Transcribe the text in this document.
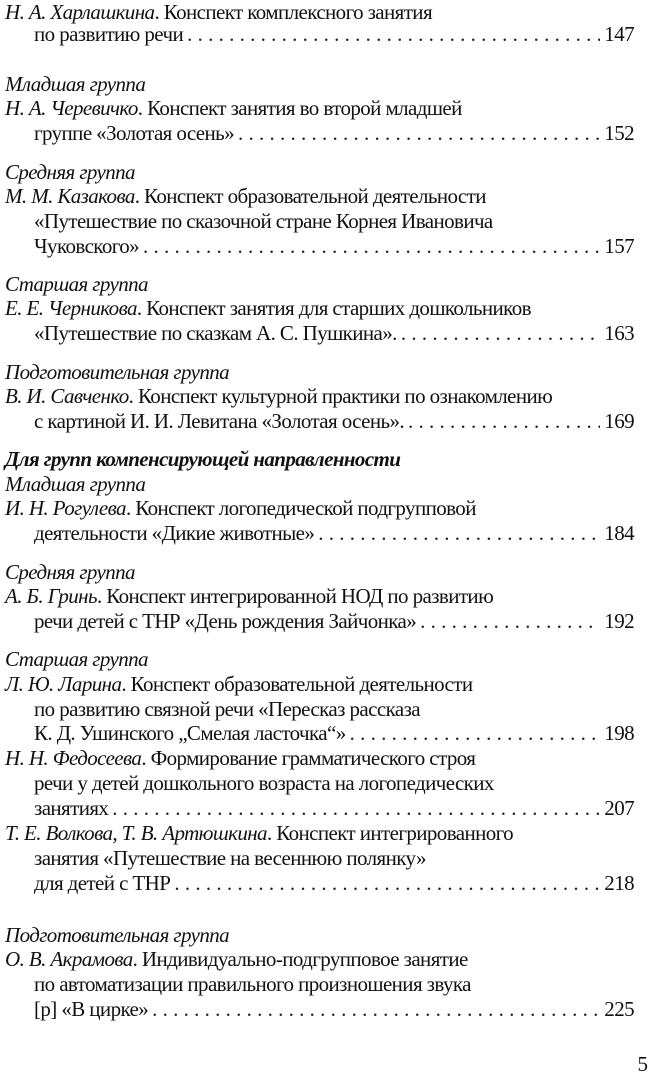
Н. А. Харлашкина. Конспект комплексного занятия
по развитию речи . . .	147
Младшая группа
Н. А. Черевичко. Конспект занятия во второй младшей
группе «Золотая осень» . . .	152
Средняя группа
М. М. Казакова. Конспект образовательной деятельности
«Путешествие по сказочной стране Корнея Ивановича
Чуковского» . . .	157
Старшая группа
Е. Е. Черникова. Конспект занятия для старших дошкольников
«Путешествие по сказкам А. С. Пушкина». . . .	163
Подготовительная группа
В. И. Савченко. Конспект культурной практики по ознакомлению
с картиной И. И. Левитана «Золотая осень». . . .	169
Для групп компенсирующей направленности
Младшая группа
И. Н. Рогулева. Конспект логопедической подгрупповой
деятельности «Дикие животные» . . .	184
Средняя группа
А. Б. Гринь. Конспект интегрированной НОД по развитию
речи детей с ТНР «День рождения Зайчонка» . . .	192
Старшая группа
Л. Ю. Ларина. Конспект образовательной деятельности
по развитию связной речи «Пересказ рассказа
К. Д. Ушинского „Смелая ласточка“» . . .	198
Н. Н. Федосеева. Формирование грамматического строя
речи у детей дошкольного возраста на логопедических
занятиях . . .	207
Т. Е. Волкова, Т. В. Артюшкина. Конспект интегрированного
занятия «Путешествие на весеннюю полянку»
для детей с ТНР . . .	218
Подготовительная группа
О. В. Акрамова. Индивидуально-подгрупповое занятие
по автоматизации правильного произношения звука
[р] «В цирке» . . .	225
5
